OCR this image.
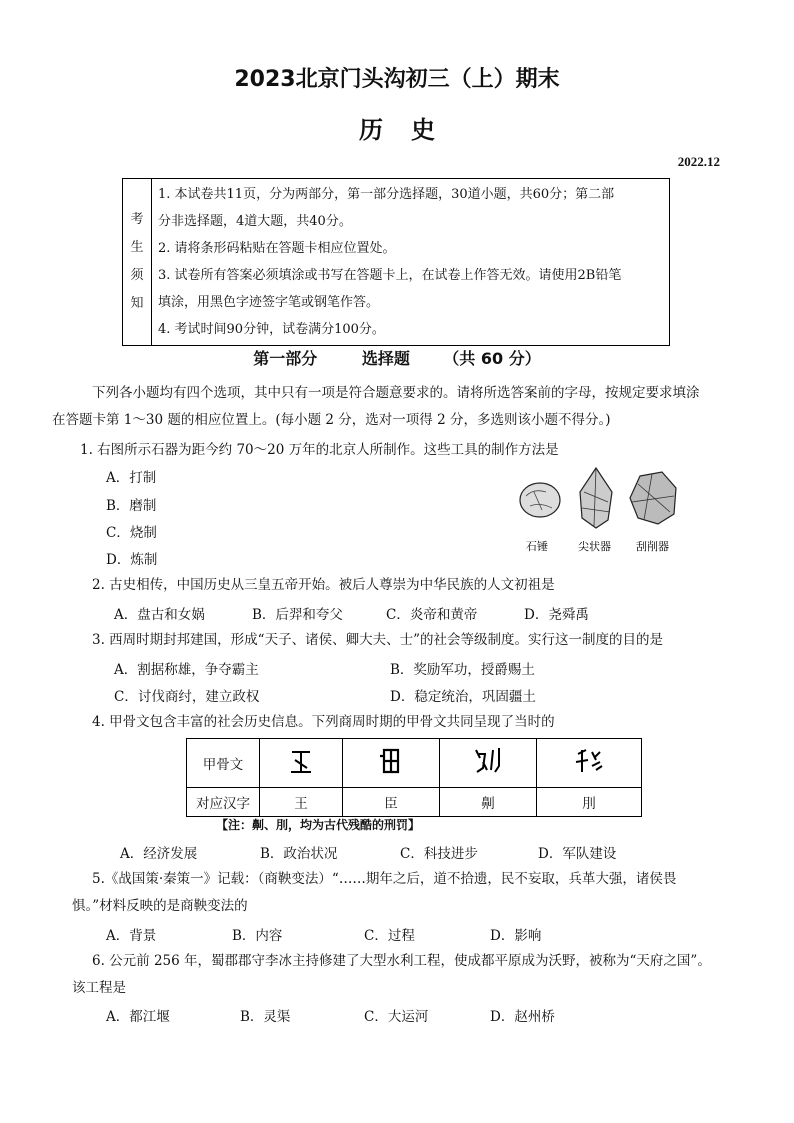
2023北京门头沟初三（上）期末
历史
2022.12
考
生
须
知

1. 本试卷共11页，分为两部分，第一部分选择题，30道小题，共60分；第二部
分非选择题，4道大题，共40分。
2. 请将条形码粘贴在答题卡相应位置处。
3. 试卷所有答案必须填涂或书写在答题卡上，在试卷上作答无效。请使用2B铅笔
填涂，用黑色字迹签字笔或钢笔作答。
4. 考试时间90分钟，试卷满分100分。
第一部分        选择题      （共 60 分）
下列各小题均有四个选项，其中只有一项是符合题意要求的。请将所选答案前的字母，按规定要求填涂
在答题卡第 1～30 题的相应位置上。(每小题 2 分，选对一项得 2 分，多选则该小题不得分。)
1. 右图所示石器为距今约 70～20 万年的北京人所制作。这些工具的制作方法是
A．打制
B．磨制
C．烧制
D．炼制
石锤	尖状器 刮削器
2. 古史相传，中国历史从三皇五帝开始。被后人尊崇为中华民族的人文初祖是
A．盘古和女娲	B．后羿和夸父	C．炎帝和黄帝	D．尧舜禹
3. 西周时期封邦建国，形成“天子、诸侯、卿大夫、士”的社会等级制度。实行这一制度的目的是
A．割据称雄，争夺霸主	B．奖励军功，授爵赐土
C．讨伐商纣，建立政权	D．稳定统治，巩固疆土
4. 甲骨文包含丰富的社会历史信息。下列商周时期的甲骨文共同呈现了当时的
甲骨文				
对应汉字	王	臣	劓	刖
【注：劓、刖，均为古代残酷的刑罚】
A．经济发展	B．政治状况	C．科技进步	D．军队建设
5.《战国策·秦策一》记载：（商鞅变法）“……期年之后，道不拾遗，民不妄取，兵革大强，诸侯畏
惧。”材料反映的是商鞅变法的
A．背景	B．内容	C．过程	D．影响
6. 公元前 256 年，蜀郡郡守李冰主持修建了大型水利工程，使成都平原成为沃野，被称为“天府之国”。
该工程是
A．都江堰	B．灵渠	C．大运河	D．赵州桥
